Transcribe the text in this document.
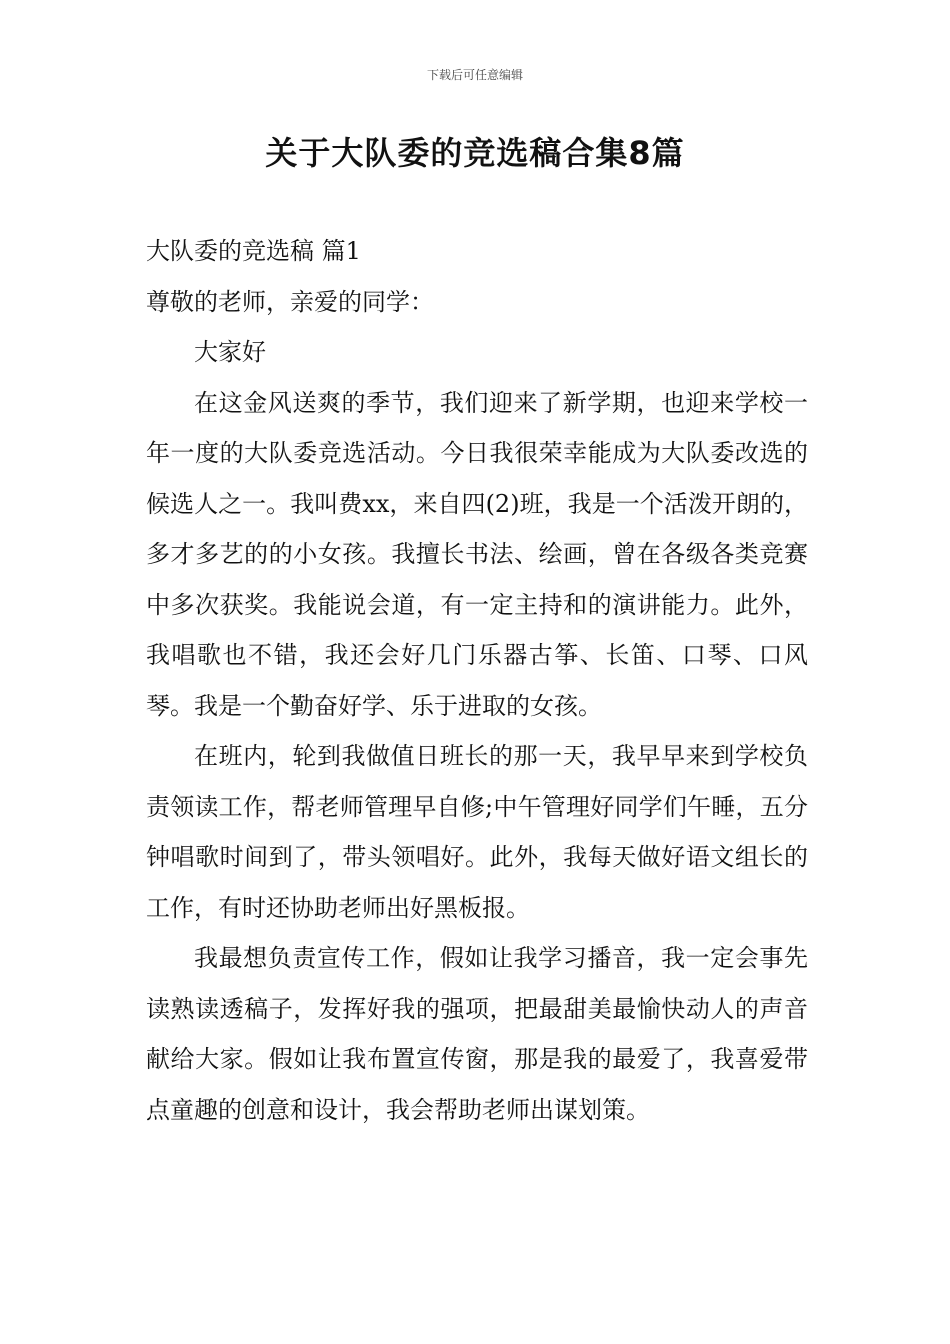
下载后可任意编辑
关于大队委的竞选稿合集8篇

大队委的竞选稿 篇1

尊敬的老师，亲爱的同学：

大家好

在这金风送爽的季节，我们迎来了新学期，也迎来学校一年一度的大队委竞选活动。今日我很荣幸能成为大队委改选的候选人之一。我叫费xx，来自四(2)班，我是一个活泼开朗的，多才多艺的的小女孩。我擅长书法、绘画，曾在各级各类竞赛中多次获奖。我能说会道，有一定主持和的演讲能力。此外，我唱歌也不错，我还会好几门乐器古筝、长笛、口琴、口风琴。我是一个勤奋好学、乐于进取的女孩。

在班内，轮到我做值日班长的那一天，我早早来到学校负责领读工作，帮老师管理早自修;中午管理好同学们午睡，五分钟唱歌时间到了，带头领唱好。此外，我每天做好语文组长的工作，有时还协助老师出好黑板报。

我最想负责宣传工作，假如让我学习播音，我一定会事先读熟读透稿子，发挥好我的强项，把最甜美最愉快动人的声音献给大家。假如让我布置宣传窗，那是我的最爱了，我喜爱带点童趣的创意和设计，我会帮助老师出谋划策。
